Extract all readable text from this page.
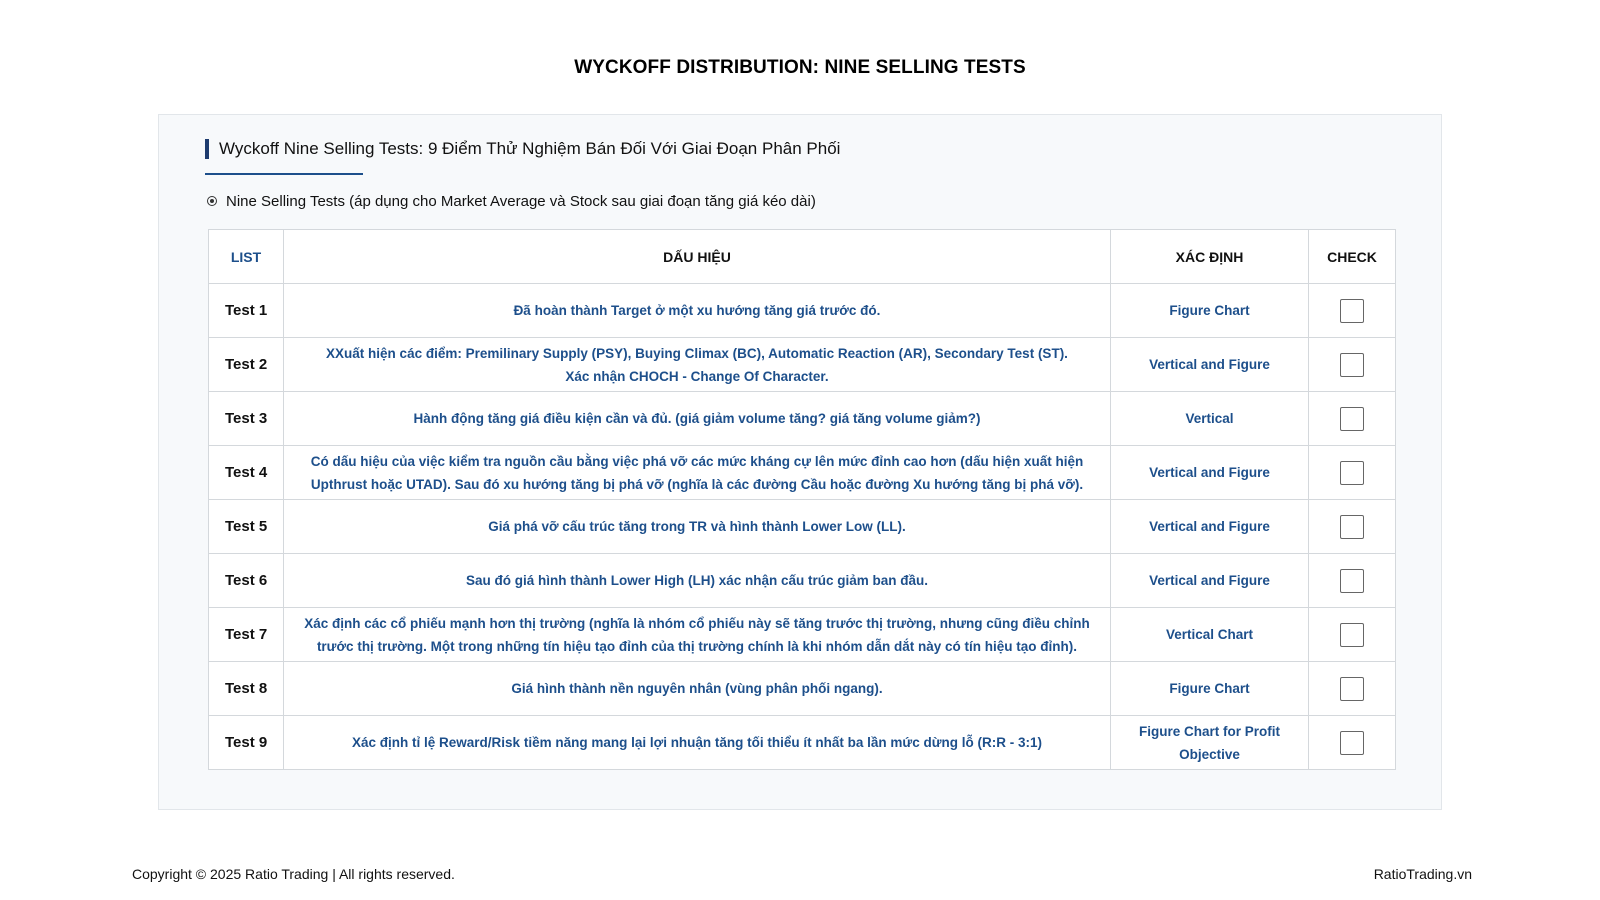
WYCKOFF DISTRIBUTION: NINE SELLING TESTS
Wyckoff Nine Selling Tests: 9 Điểm Thử Nghiệm Bán Đối Với Giai Đoạn Phân Phối
Nine Selling Tests (áp dụng cho Market Average và Stock sau giai đoạn tăng giá kéo dài)
LIST	DẤU HIỆU	XÁC ĐỊNH	CHECK
Test 1	Đã hoàn thành Target ở một xu hướng tăng giá trước đó.	Figure Chart	
Test 2	XXuất hiện các điểm: Premilinary Supply (PSY), Buying Climax (BC), Automatic Reaction (AR), Secondary Test (ST).
Xác nhận CHOCH - Change Of Character.	Vertical and Figure	
Test 3	Hành động tăng giá điều kiện cần và đủ. (giá giảm volume tăng? giá tăng volume giảm?)	Vertical	
Test 4	Có dấu hiệu của việc kiểm tra nguồn cầu bằng việc phá vỡ các mức kháng cự lên mức đỉnh cao hơn (dấu hiện xuất hiện
Upthrust hoặc UTAD). Sau đó xu hướng tăng bị phá vỡ (nghĩa là các đường Cầu hoặc đường Xu hướng tăng bị phá vỡ).	Vertical and Figure	
Test 5	Giá phá vỡ cấu trúc tăng trong TR và hình thành Lower Low (LL).	Vertical and Figure	
Test 6	Sau đó giá hình thành Lower High (LH) xác nhận cấu trúc giảm ban đầu.	Vertical and Figure	
Test 7	Xác định các cổ phiếu mạnh hơn thị trường (nghĩa là nhóm cổ phiếu này sẽ tăng trước thị trường, nhưng cũng điều chỉnh
trước thị trường. Một trong những tín hiệu tạo đỉnh của thị trường chính là khi nhóm dẫn dắt này có tín hiệu tạo đỉnh).	Vertical Chart	
Test 8	Giá hình thành nền nguyên nhân (vùng phân phối ngang).	Figure Chart	
Test 9	Xác định tỉ lệ Reward/Risk tiềm năng mang lại lợi nhuận tăng tối thiểu ít nhất ba lần mức dừng lỗ (R:R - 3:1)	Figure Chart for Profit Objective	
Copyright © 2025 Ratio Trading | All rights reserved.	RatioTrading.vn
